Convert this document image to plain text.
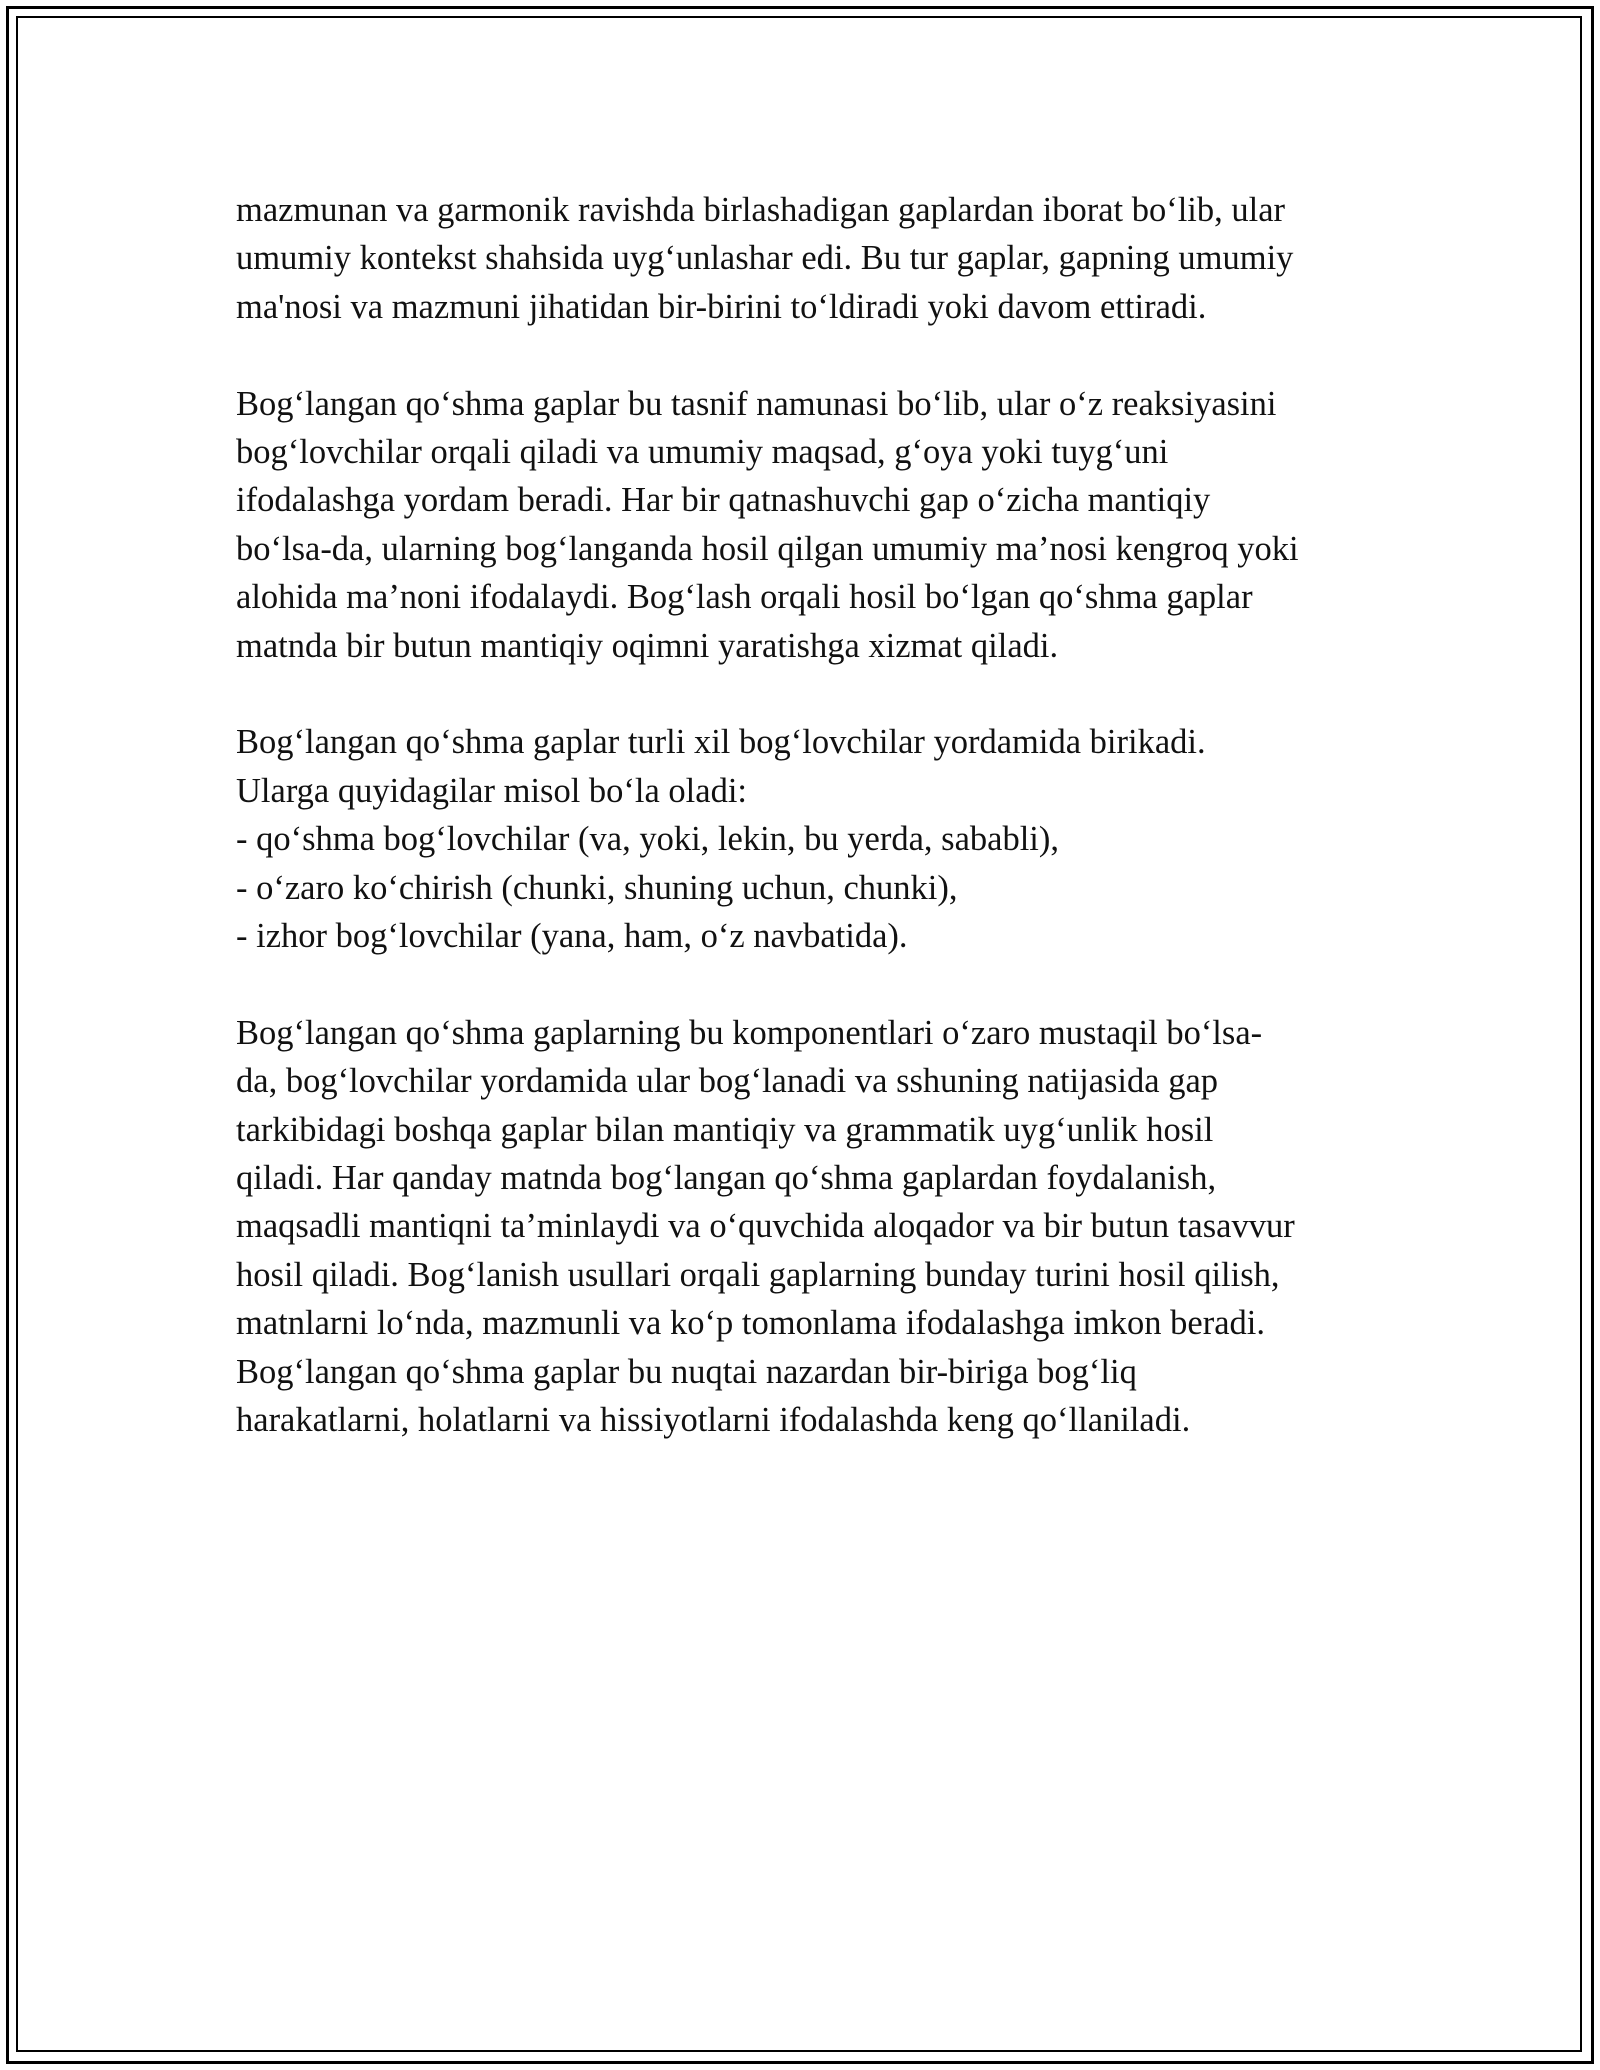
mazmunan va garmonik ravishda birlashadigan gaplardan iborat bo‘lib, ular
umumiy kontekst shahsida uyg‘unlashar edi. Bu tur gaplar, gapning umumiy
ma'nosi va mazmuni jihatidan bir-birini to‘ldiradi yoki davom ettiradi.

Bog‘langan qo‘shma gaplar bu tasnif namunasi bo‘lib, ular o‘z reaksiyasini
bog‘lovchilar orqali qiladi va umumiy maqsad, g‘oya yoki tuyg‘uni
ifodalashga yordam beradi. Har bir qatnashuvchi gap o‘zicha mantiqiy
bo‘lsa-da, ularning bog‘langanda hosil qilgan umumiy ma’nosi kengroq yoki
alohida ma’noni ifodalaydi. Bog‘lash orqali hosil bo‘lgan qo‘shma gaplar
matnda bir butun mantiqiy oqimni yaratishga xizmat qiladi.

Bog‘langan qo‘shma gaplar turli xil bog‘lovchilar yordamida birikadi.
Ularga quyidagilar misol bo‘la oladi:
- qo‘shma bog‘lovchilar (va, yoki, lekin, bu yerda, sababli),
- o‘zaro ko‘chirish (chunki, shuning uchun, chunki),
- izhor bog‘lovchilar (yana, ham, o‘z navbatida).

Bog‘langan qo‘shma gaplarning bu komponentlari o‘zaro mustaqil bo‘lsa-
da, bog‘lovchilar yordamida ular bog‘lanadi va sshuning natijasida gap
tarkibidagi boshqa gaplar bilan mantiqiy va grammatik uyg‘unlik hosil
qiladi. Har qanday matnda bog‘langan qo‘shma gaplardan foydalanish,
maqsadli mantiqni ta’minlaydi va o‘quvchida aloqador va bir butun tasavvur
hosil qiladi. Bog‘lanish usullari orqali gaplarning bunday turini hosil qilish,
matnlarni lo‘nda, mazmunli va ko‘p tomonlama ifodalashga imkon beradi.
Bog‘langan qo‘shma gaplar bu nuqtai nazardan bir-biriga bog‘liq
harakatlarni, holatlarni va hissiyotlarni ifodalashda keng qo‘llaniladi.
